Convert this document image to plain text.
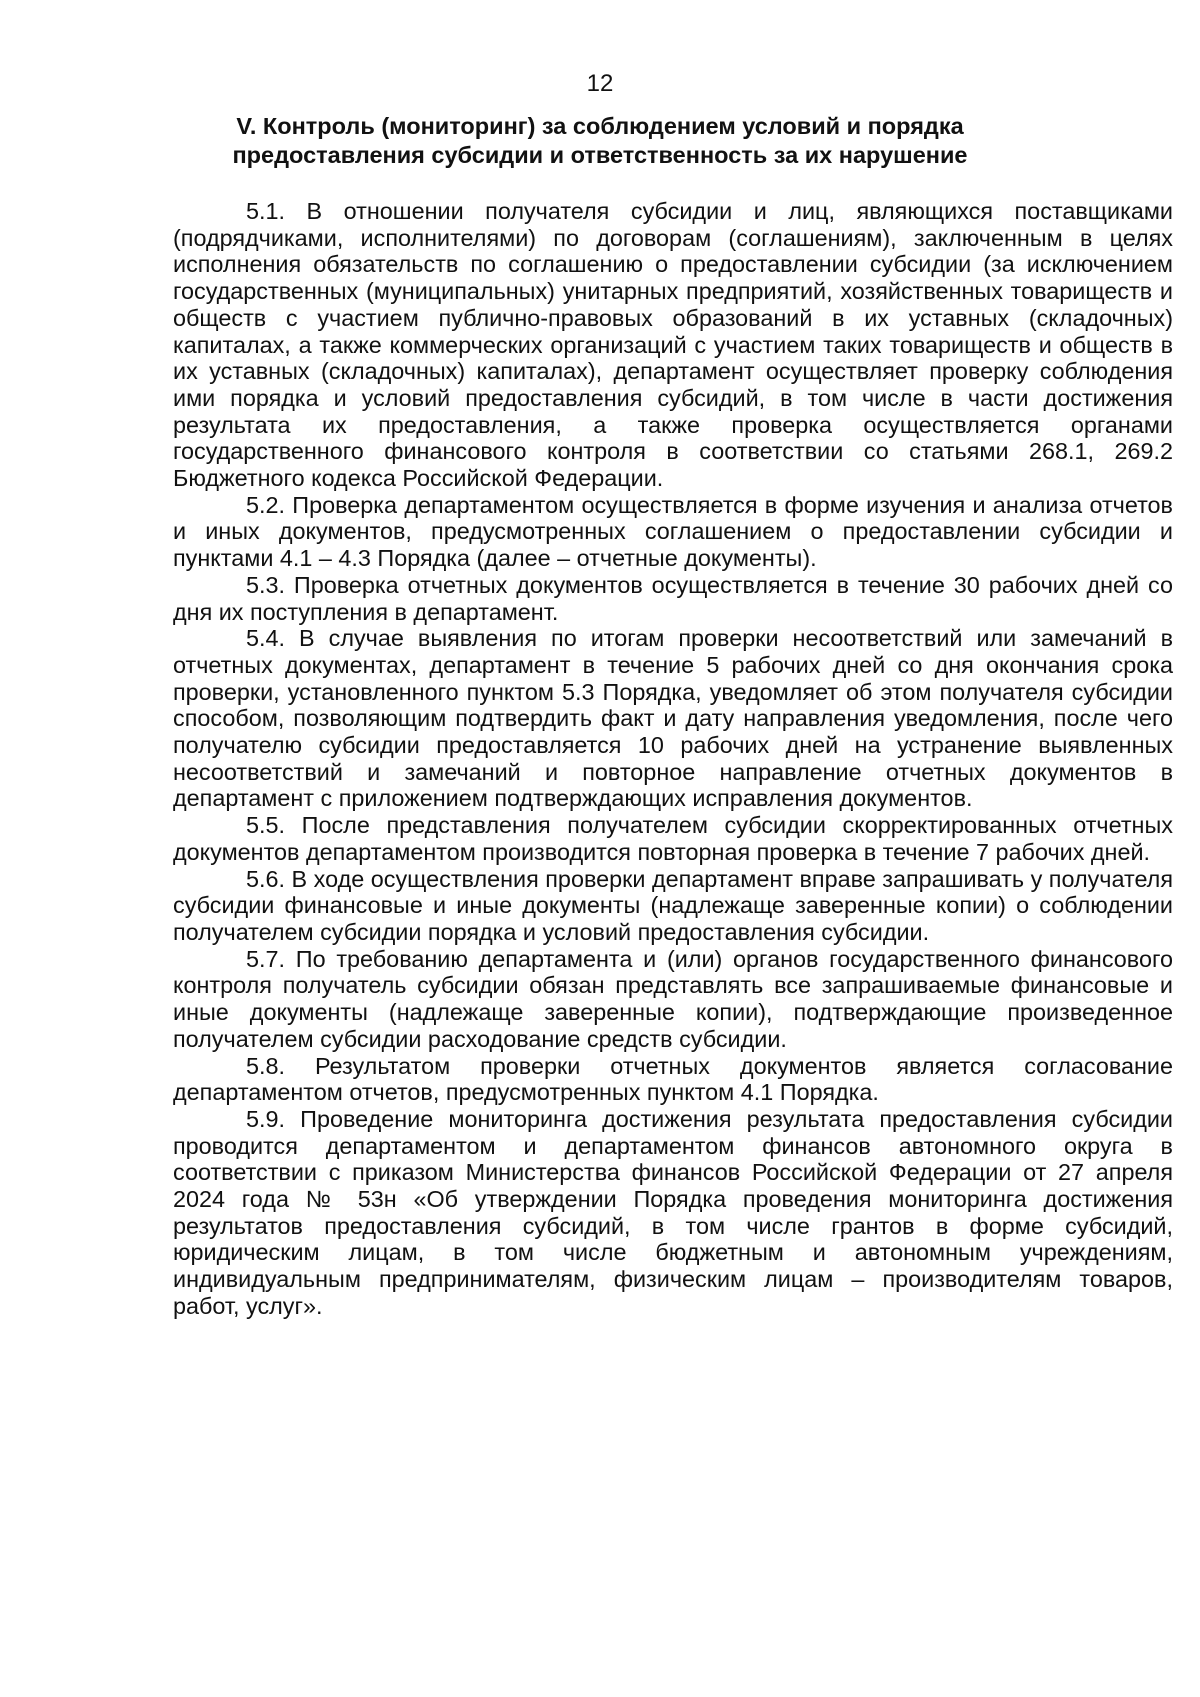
12
V. Контроль (мониторинг) за соблюдением условий и порядка
предоставления субсидии и ответственность за их нарушение

5.1. В отношении получателя субсидии и лиц, являющихся поставщиками (подрядчиками, исполнителями) по договорам (соглашениям), заключенным в целях исполнения обязательств по соглашению о предоставлении субсидии (за исключением государственных (муниципальных) унитарных предприятий, хозяйственных товариществ и обществ с участием публично-правовых образований в их уставных (складочных) капиталах, а также коммерческих организаций с участием таких товариществ и обществ в их уставных (складочных) капиталах), департамент осуществляет проверку соблюдения ими порядка и условий предоставления субсидий, в том числе в части достижения результата их предоставления, а также проверка осуществляется органами государственного финансового контроля в соответствии со статьями 268.1, 269.2 Бюджетного кодекса Российской Федерации.

5.2. Проверка департаментом осуществляется в форме изучения и анализа отчетов и иных документов, предусмотренных соглашением о предоставлении субсидии и пунктами 4.1 – 4.3 Порядка (далее – отчетные документы).

5.3. Проверка отчетных документов осуществляется в течение 30 рабочих дней со дня их поступления в департамент.

5.4. В случае выявления по итогам проверки несоответствий или замечаний в отчетных документах, департамент в течение 5 рабочих дней со дня окончания срока проверки, установленного пунктом 5.3 Порядка, уведомляет об этом получателя субсидии способом, позволяющим подтвердить факт и дату направления уведомления, после чего получателю субсидии предоставляется 10 рабочих дней на устранение выявленных несоответствий и замечаний и повторное направление отчетных документов в департамент с приложением подтверждающих исправления документов.

5.5. После представления получателем субсидии скорректированных отчетных документов департаментом производится повторная проверка в течение 7 рабочих дней.

5.6. В ходе осуществления проверки департамент вправе запрашивать у получателя субсидии финансовые и иные документы (надлежаще заверенные копии) о соблюдении получателем субсидии порядка и условий предоставления субсидии.

5.7. По требованию департамента и (или) органов государственного финансового контроля получатель субсидии обязан представлять все запрашиваемые финансовые и иные документы (надлежаще заверенные копии), подтверждающие произведенное получателем субсидии расходование средств субсидии.

5.8. Результатом проверки отчетных документов является согласование департаментом отчетов, предусмотренных пунктом 4.1 Порядка.

5.9. Проведение мониторинга достижения результата предоставления субсидии проводится департаментом и департаментом финансов автономного округа в соответствии с приказом Министерства финансов Российской Федерации от 27 апреля 2024 года № 53н «Об утверждении Порядка проведения мониторинга достижения результатов предоставления субсидий, в том числе грантов в форме субсидий, юридическим лицам, в том числе бюджетным и автономным учреждениям, индивидуальным предпринимателям, физическим лицам – производителям товаров, работ, услуг».
